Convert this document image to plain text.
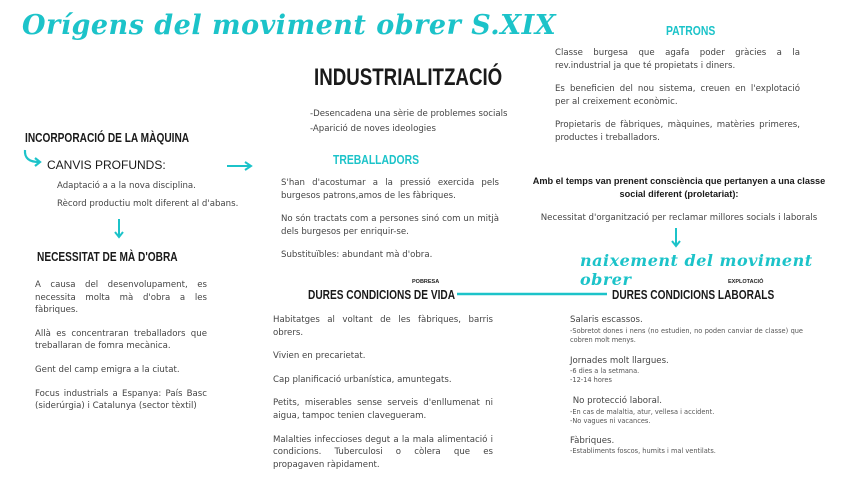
Orígens del moviment obrer S.XIX
INDUSTRIALITZACIÓ

-Desencadena una sèrie de problemes socials

-Aparició de noves ideologies

INCORPORACIÓ DE LA MÀQUINA
CANVIS PROFUNDS:

Adaptació a a la nova disciplina.

Rècord productiu molt diferent al d'abans.

NECESSITAT DE MÀ D'OBRA

A causa del desenvolupament, es necessita molta mà d'obra a les fàbriques.

Allà es concentraran treballadors que treballaran de fomra mecànica.

Gent del camp emigra a la ciutat.

Focus industrials a Espanya: País Basc (siderúrgia) i Catalunya (sector tèxtil)

TREBALLADORS

S'han d'acostumar a la pressió exercida pels burgesos patrons,amos de les fàbriques.

No són tractats com a persones sinó com un mitjà dels burgesos per enriquir-se.

Substituïbles: abundant mà d'obra.

POBRESA
DURES CONDICIONS DE VIDA

Habitatges al voltant de les fàbriques, barris obrers.

Vivien en precarietat.

Cap planificació urbanística, amuntegats.

Petits, miserables sense serveis d'enllumenat ni aigua, tampoc tenien clavegueram.

Malalties infeccioses degut a la mala alimentació i condicions. Tuberculosi o còlera que es propagaven ràpidament.

PATRONS

Classe burgesa que agafa poder gràcies a la rev.industrial ja que té propietats i diners.

Es beneficien del nou sistema, creuen en l'explotació per al creixement econòmic.

Propietaris de fàbriques, màquines, matèries primeres, productes i treballadors.

Amb el temps van prenent consciència que pertanyen a una classe social diferent (proletariat):
Necessitat d'organització per reclamar millores socials i laborals
naixement del moviment obrer	EXPLOTACIÓ
DURES CONDICIONS LABORALS

Salaris escassos.

-Sobretot dones i nens (no estudien, no poden canviar de classe) que cobren molt menys.

Jornades molt llargues.

-6 dies a la setmana.

-12-14 hores

No protecció laboral.

-En cas de malaltia, atur, vellesa i accident.

-No vagues ni vacances.

Fàbriques.

-Establiments foscos, humits i mal ventilats.
